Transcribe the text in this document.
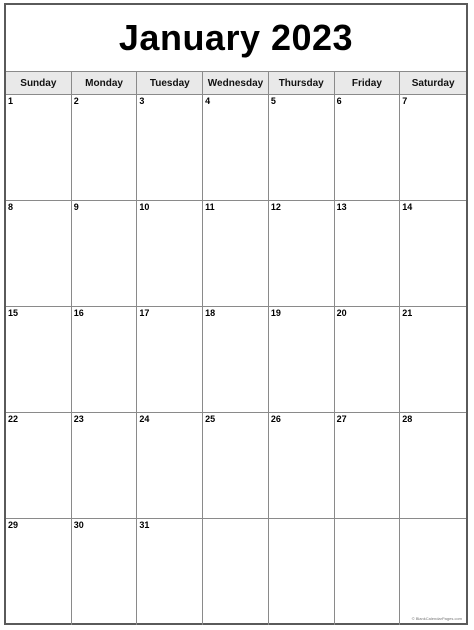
January 2023
Sunday	Monday	Tuesday	Wednesday	Thursday	Friday	Saturday
1	2	3	4	5	6	7
8	9	10	11	12	13	14
15	16	17	18	19	20	21
22	23	24	25	26	27	28
29	30	31
© BlankCalendarPages.com
